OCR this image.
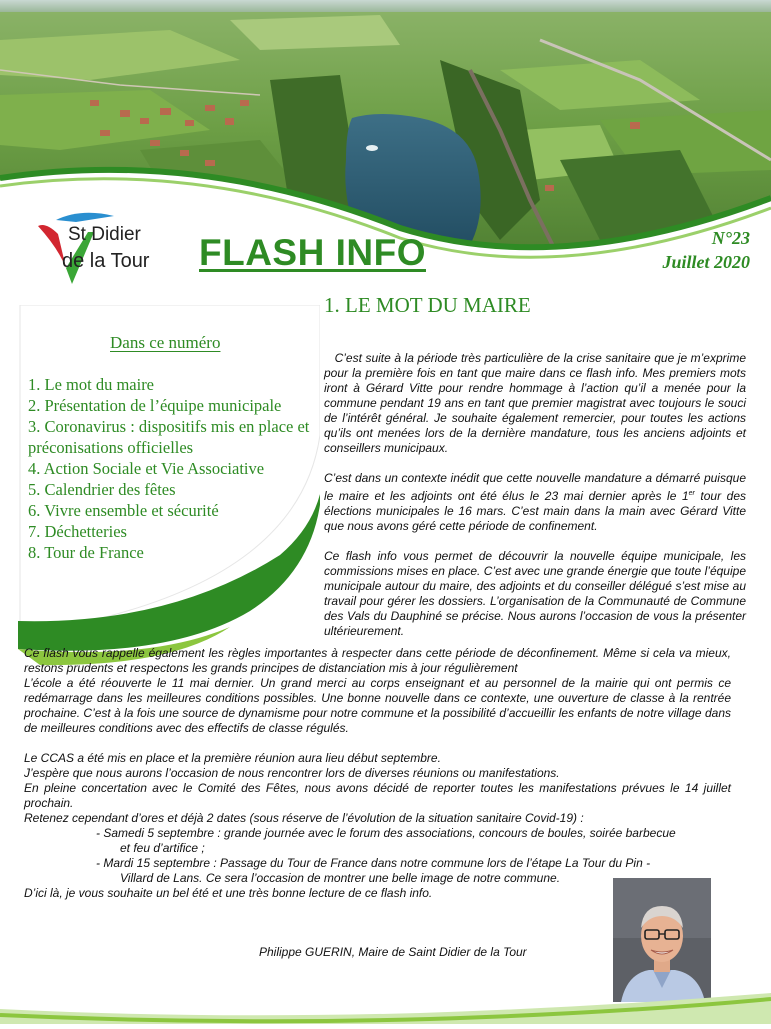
St Didier
de la Tour FLASH INFO	N°23
Juillet 2020
1. LE MOT DU MAIRE
Dans ce numéro
1. Le mot du maire
2. Présentation de l’équipe municipale
3. Coronavirus : dispositifs mis en place et préconisations officielles
4. Action Sociale et Vie Associative
5. Calendrier des fêtes
6. Vivre ensemble et sécurité
7. Déchetteries
8. Tour de France

C’est suite à la période très particulière de la crise sanitaire que je m’exprime pour la première fois en tant que maire dans ce flash info. Mes premiers mots iront à Gérard Vitte pour rendre hommage à l’action qu’il a menée pour la commune pendant 19 ans en tant que premier magistrat avec toujours le souci de l’intérêt général. Je souhaite également remercier, pour toutes les actions qu’ils ont menées lors de la dernière mandature, tous les anciens adjoints et conseillers municipaux.

C’est dans un contexte inédit que cette nouvelle mandature a démarré puisque le maire et les adjoints ont été élus le 23 mai dernier après le 1er tour des élections municipales le 16 mars. C’est main dans la main avec Gérard Vitte que nous avons géré cette période de confinement.

Ce flash info vous permet de découvrir la nouvelle équipe municipale, les commissions mises en place. C’est avec une grande énergie que toute l’équipe municipale autour du maire, des adjoints et du conseiller délégué s’est mise au travail pour gérer les dossiers. L’organisation de la Communauté de Commune des Vals du Dauphiné se précise. Nous aurons l’occasion de vous la présenter ultérieurement.

Ce flash vous rappelle également les règles importantes à respecter dans cette période de déconfinement. Même si cela va mieux, restons prudents et respectons les grands principes de distanciation mis à jour régulièrement

L’école a été réouverte le 11 mai dernier. Un grand merci au corps enseignant et au personnel de la mairie qui ont permis ce redémarrage dans les meilleures conditions possibles. Une bonne nouvelle dans ce contexte, une ouverture de classe à la rentrée prochaine. C’est à la fois une source de dynamisme pour notre commune et la possibilité d’accueillir les enfants de notre village dans de meilleures conditions avec des effectifs de classe régulés.

Le CCAS a été mis en place et la première réunion aura lieu début septembre.

J’espère que nous aurons l’occasion de nous rencontrer lors de diverses réunions ou manifestations.

En pleine concertation avec le Comité des Fêtes, nous avons décidé de reporter toutes les manifestations prévues le 14 juillet prochain.

Retenez cependant d’ores et déjà 2 dates (sous réserve de l’évolution de la situation sanitaire Covid-19) :

- Samedi 5 septembre : grande journée avec le forum des associations, concours de boules, soirée barbecue
et feu d’artifice ;

- Mardi 15 septembre : Passage du Tour de France dans notre commune lors de l’étape La Tour du Pin -
Villard de Lans. Ce sera l’occasion de montrer une belle image de notre commune.

D’ici là, je vous souhaite un bel été et une très bonne lecture de ce flash info.

Philippe GUERIN, Maire de Saint Didier de la Tour
